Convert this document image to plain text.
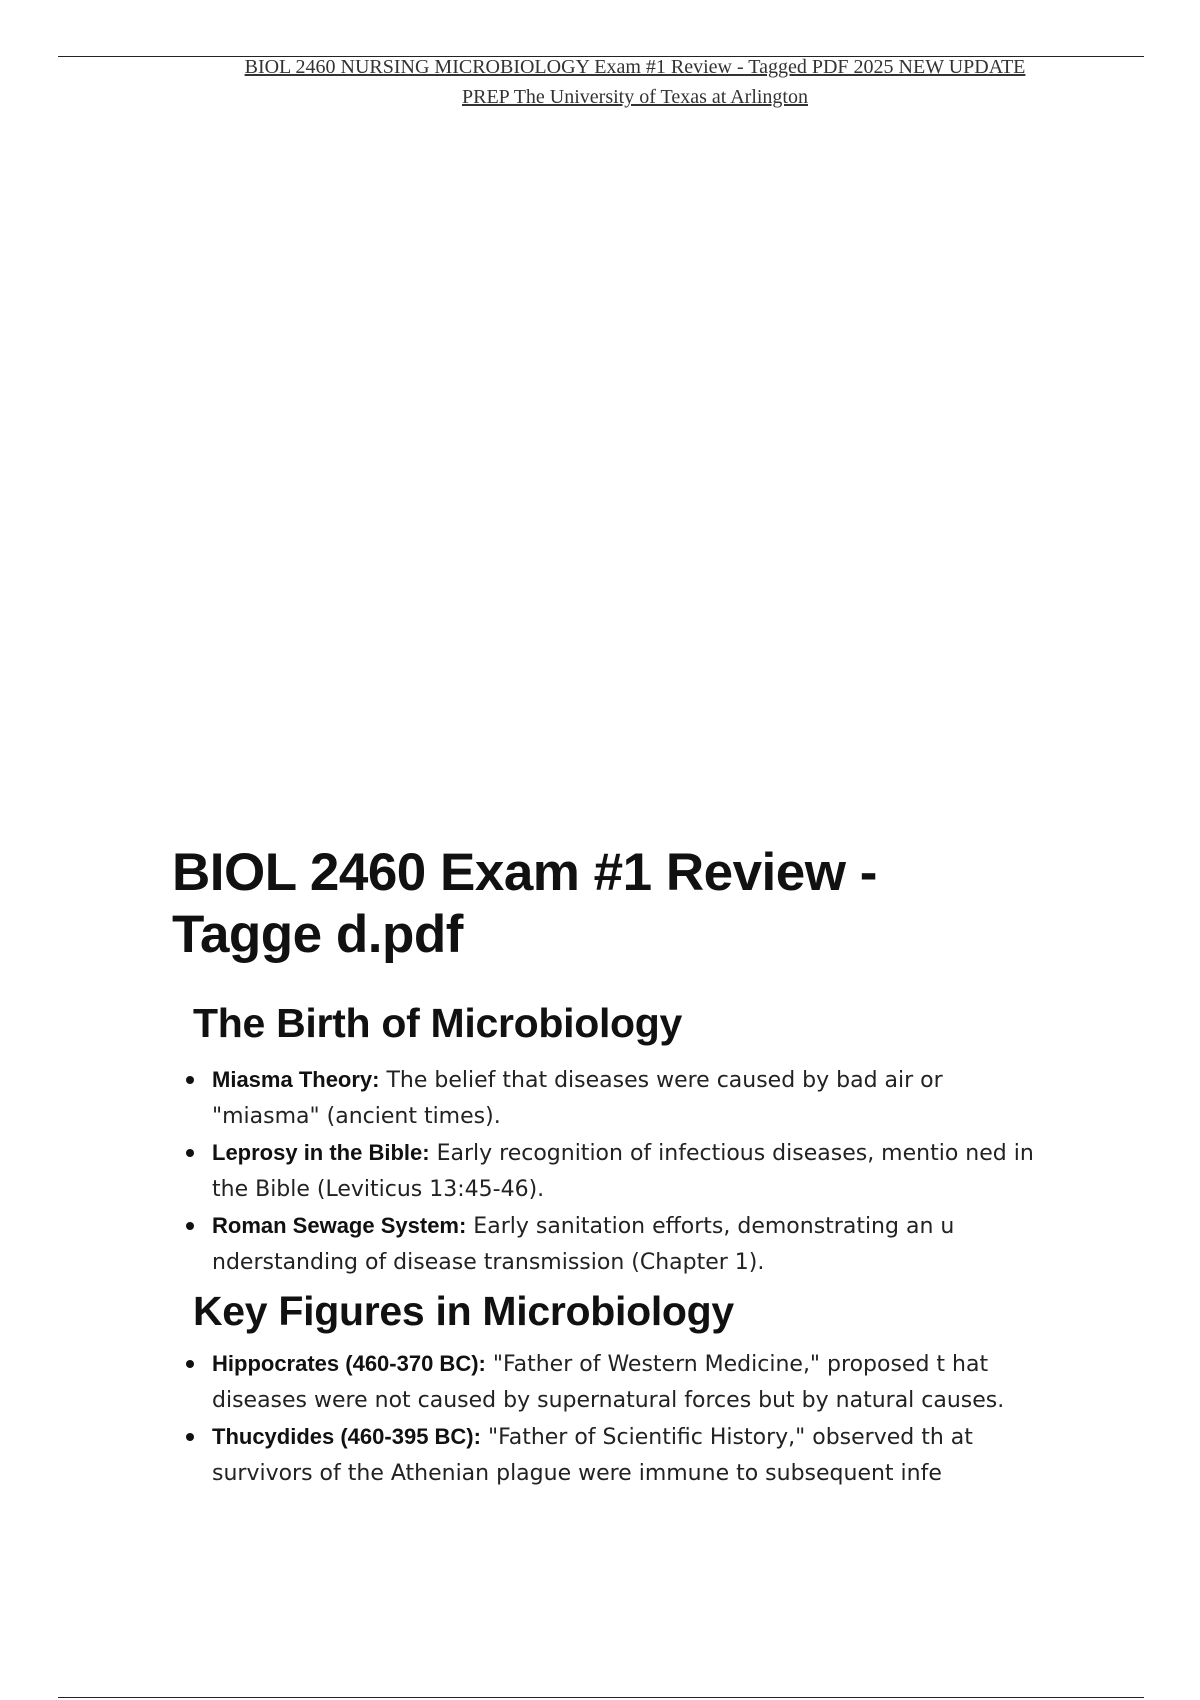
BIOL 2460 NURSING MICROBIOLOGY Exam #1 Review - Tagged PDF 2025 NEW UPDATE
PREP The University of Texas at Arlington

BIOL 2460 Exam #1 Review -
Tagge d.pdf
The Birth of Microbiology
Miasma Theory: The belief that diseases were caused by bad air or "miasma" (ancient times).
Leprosy in the Bible: Early recognition of infectious diseases, mentio ned in the Bible (Leviticus 13:45-46).
Roman Sewage System: Early sanitation efforts, demonstrating an u nderstanding of disease transmission (Chapter 1).
Key Figures in Microbiology
Hippocrates (460-370 BC): "Father of Western Medicine," proposed t hat diseases were not caused by supernatural forces but by natural causes.
Thucydides (460-395 BC): "Father of Scientific History," observed th at survivors of the Athenian plague were immune to subsequent infe
